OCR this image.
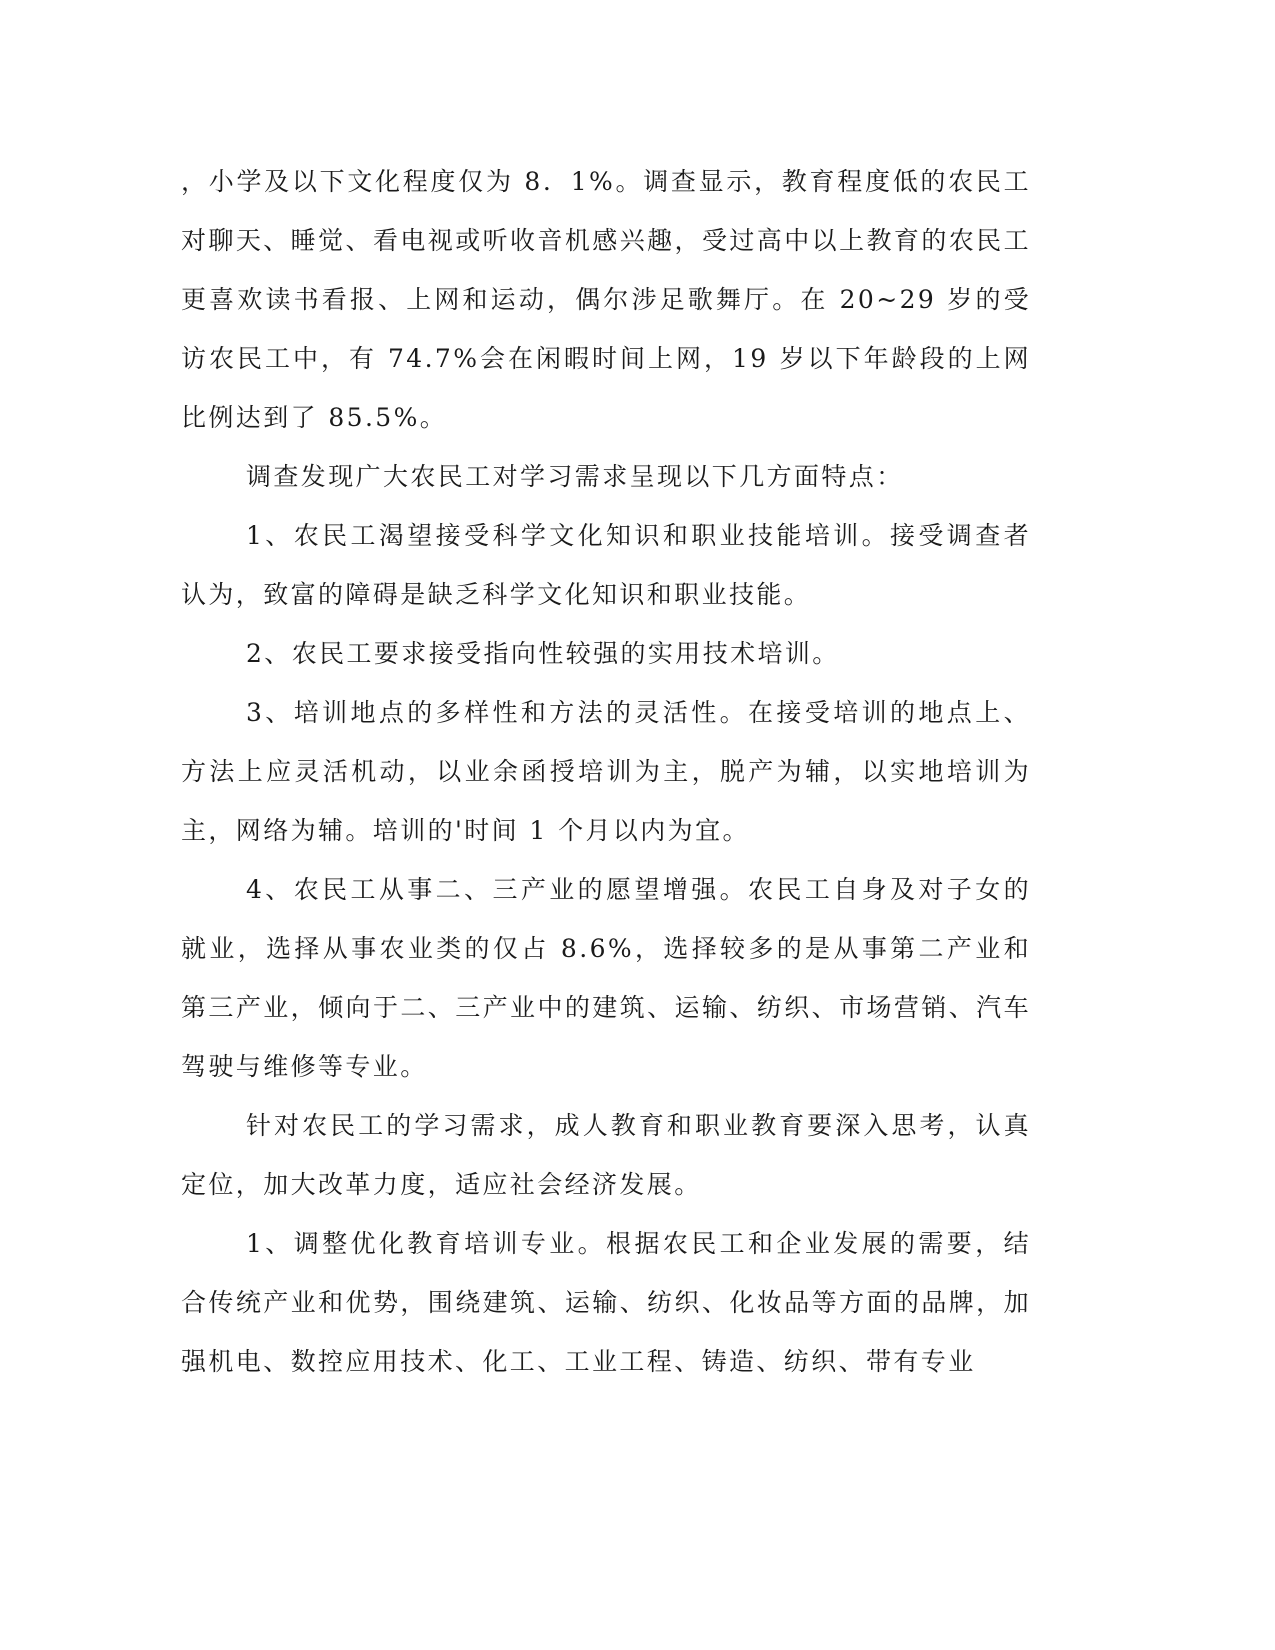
，小学及以下文化程度仅为 8．1%。调查显示，教育程度低的农民工对聊天、睡觉、看电视或听收音机感兴趣，受过高中以上教育的农民工更喜欢读书看报、上网和运动，偶尔涉足歌舞厅。在 20~29 岁的受访农民工中，有 74.7%会在闲暇时间上网，19 岁以下年龄段的上网比例达到了 85.5%。

调查发现广大农民工对学习需求呈现以下几方面特点：

1、农民工渴望接受科学文化知识和职业技能培训。接受调查者认为，致富的障碍是缺乏科学文化知识和职业技能。

2、农民工要求接受指向性较强的实用技术培训。

3、培训地点的多样性和方法的灵活性。在接受培训的地点上、方法上应灵活机动，以业余函授培训为主，脱产为辅，以实地培训为主，网络为辅。培训的'时间 1 个月以内为宜。

4、农民工从事二、三产业的愿望增强。农民工自身及对子女的就业，选择从事农业类的仅占 8.6%，选择较多的是从事第二产业和第三产业，倾向于二、三产业中的建筑、运输、纺织、市场营销、汽车驾驶与维修等专业。

针对农民工的学习需求，成人教育和职业教育要深入思考，认真定位，加大改革力度，适应社会经济发展。

1、调整优化教育培训专业。根据农民工和企业发展的需要，结合传统产业和优势，围绕建筑、运输、纺织、化妆品等方面的品牌，加强机电、数控应用技术、化工、工业工程、铸造、纺织、带有专业
